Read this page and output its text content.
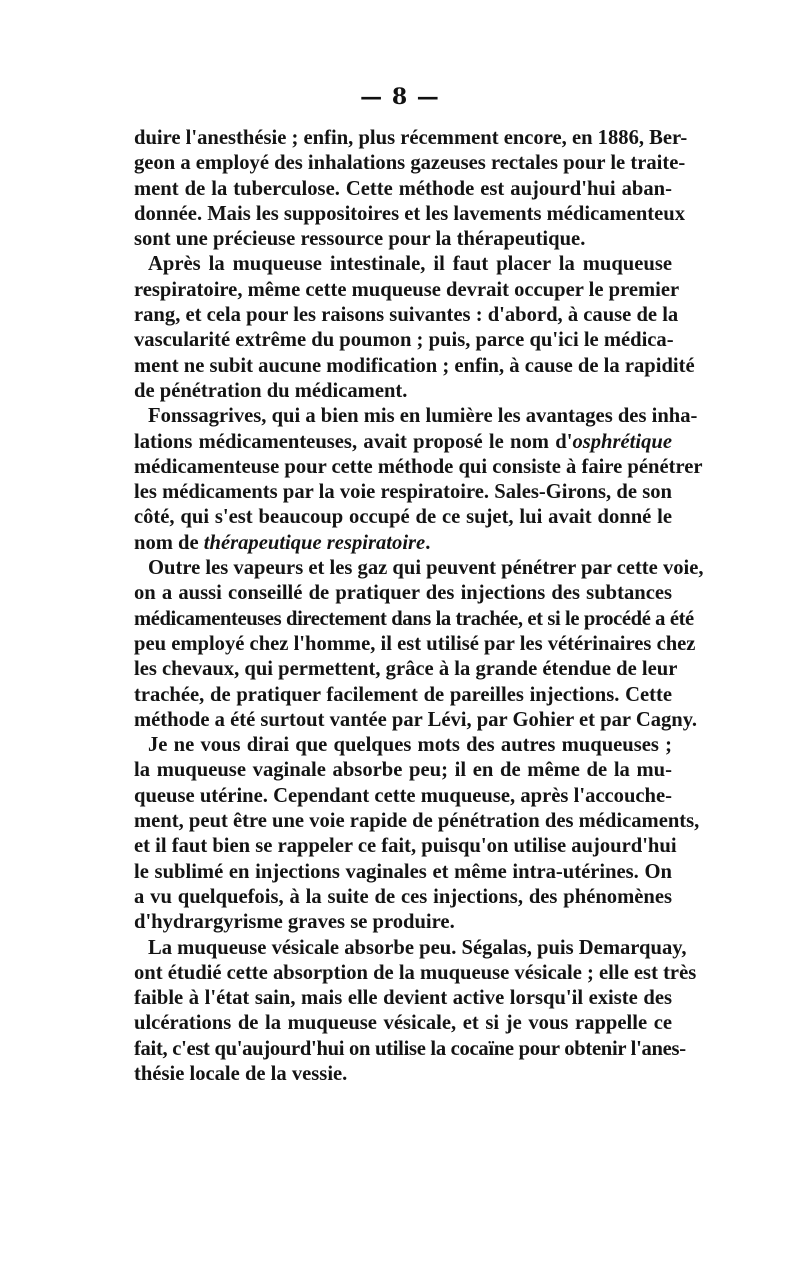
— 8 —
duire l'anesthésie ; enfin, plus récemment encore, en 1886, Ber-
geon a employé des inhalations gazeuses rectales pour le traite-
ment de la tuberculose. Cette méthode est aujourd'hui aban-
donnée. Mais les suppositoires et les lavements médicamenteux
sont une précieuse ressource pour la thérapeutique.
Après la muqueuse intestinale, il faut placer la muqueuse
respiratoire, même cette muqueuse devrait occuper le premier
rang, et cela pour les raisons suivantes : d'abord, à cause de la
vascularité extrême du poumon ; puis, parce qu'ici le médica-
ment ne subit aucune modification ; enfin, à cause de la rapidité
de pénétration du médicament.
Fonssagrives, qui a bien mis en lumière les avantages des inha-
lations médicamenteuses, avait proposé le nom d'osphrétique
médicamenteuse pour cette méthode qui consiste à faire pénétrer
les médicaments par la voie respiratoire. Sales-Girons, de son
côté, qui s'est beaucoup occupé de ce sujet, lui avait donné le
nom de thérapeutique respiratoire.
Outre les vapeurs et les gaz qui peuvent pénétrer par cette voie,
on a aussi conseillé de pratiquer des injections des subtances
médicamenteuses directement dans la trachée, et si le procédé a été
peu employé chez l'homme, il est utilisé par les vétérinaires chez
les chevaux, qui permettent, grâce à la grande étendue de leur
trachée, de pratiquer facilement de pareilles injections. Cette
méthode a été surtout vantée par Lévi, par Gohier et par Cagny.
Je ne vous dirai que quelques mots des autres muqueuses ;
la muqueuse vaginale absorbe peu; il en de même de la mu-
queuse utérine. Cependant cette muqueuse, après l'accouche-
ment, peut être une voie rapide de pénétration des médicaments,
et il faut bien se rappeler ce fait, puisqu'on utilise aujourd'hui
le sublimé en injections vaginales et même intra-utérines. On
a vu quelquefois, à la suite de ces injections, des phénomènes
d'hydrargyrisme graves se produire.
La muqueuse vésicale absorbe peu. Ségalas, puis Demarquay,
ont étudié cette absorption de la muqueuse vésicale ; elle est très
faible à l'état sain, mais elle devient active lorsqu'il existe des
ulcérations de la muqueuse vésicale, et si je vous rappelle ce
fait, c'est qu'aujourd'hui on utilise la cocaïne pour obtenir l'anes-
thésie locale de la vessie.
